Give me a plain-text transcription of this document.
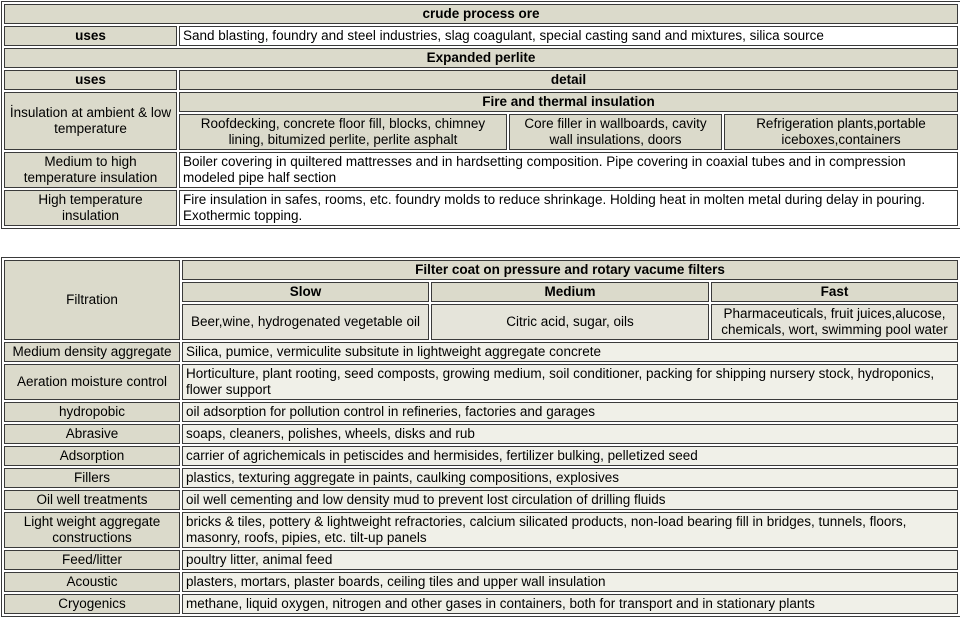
crude process ore			
uses	Sand blasting, foundry and steel industries, slag coagulant, special casting sand and mixtures, silica source		
Expanded perlite			
uses	detail		
İnsulation at ambient & low temperature	Fire and thermal insulation		
	Roofdecking, concrete floor fill, blocks, chimney lining, bitumized perlite, perlite asphalt	Core filler in wallboards, cavity wall insulations, doors	Refrigeration plants,portable iceboxes,containers
Medium to high temperature insulation	Boiler covering in quiltered mattresses and in hardsetting composition. Pipe covering in coaxial tubes and in compression modeled pipe half section		
High temperature insulation	Fire insulation in safes, rooms, etc. foundry molds to reduce shrinkage. Holding heat in molten metal during delay in pouring. Exothermic topping.		
Filtration	Filter coat on pressure and rotary vacume filters		
	Slow	Medium	Fast
	Beer,wine, hydrogenated vegetable oil	Citric acid, sugar, oils	Pharmaceuticals, fruit juices,alucose, chemicals, wort, swimming pool water
Medium density aggregate	Silica, pumice, vermiculite subsitute in lightweight aggregate concrete		
Aeration moisture control	Horticulture, plant rooting, seed composts, growing medium, soil conditioner, packing for shipping nursery stock, hydroponics, flower support		
hydropobic	oil adsorption for pollution control in refineries, factories and garages		
Abrasive	soaps, cleaners, polishes, wheels, disks and rub		
Adsorption	carrier of agrichemicals in petiscides and hermisides, fertilizer bulking, pelletized seed		
Fillers	plastics, texturing aggregate in paints, caulking compositions, explosives		
Oil well treatments	oil well cementing and low density mud to prevent lost circulation of drilling fluids		
Light weight aggregate constructions	bricks & tiles, pottery & lightweight refractories, calcium silicated products, non-load bearing fill in bridges, tunnels, floors, masonry, roofs, pipies, etc. tilt-up panels		
Feed/litter	poultry litter, animal feed		
Acoustic	plasters, mortars, plaster boards, ceiling tiles and upper wall insulation		
Cryogenics	methane, liquid oxygen, nitrogen and other gases in containers, both for transport and in stationary plants		
